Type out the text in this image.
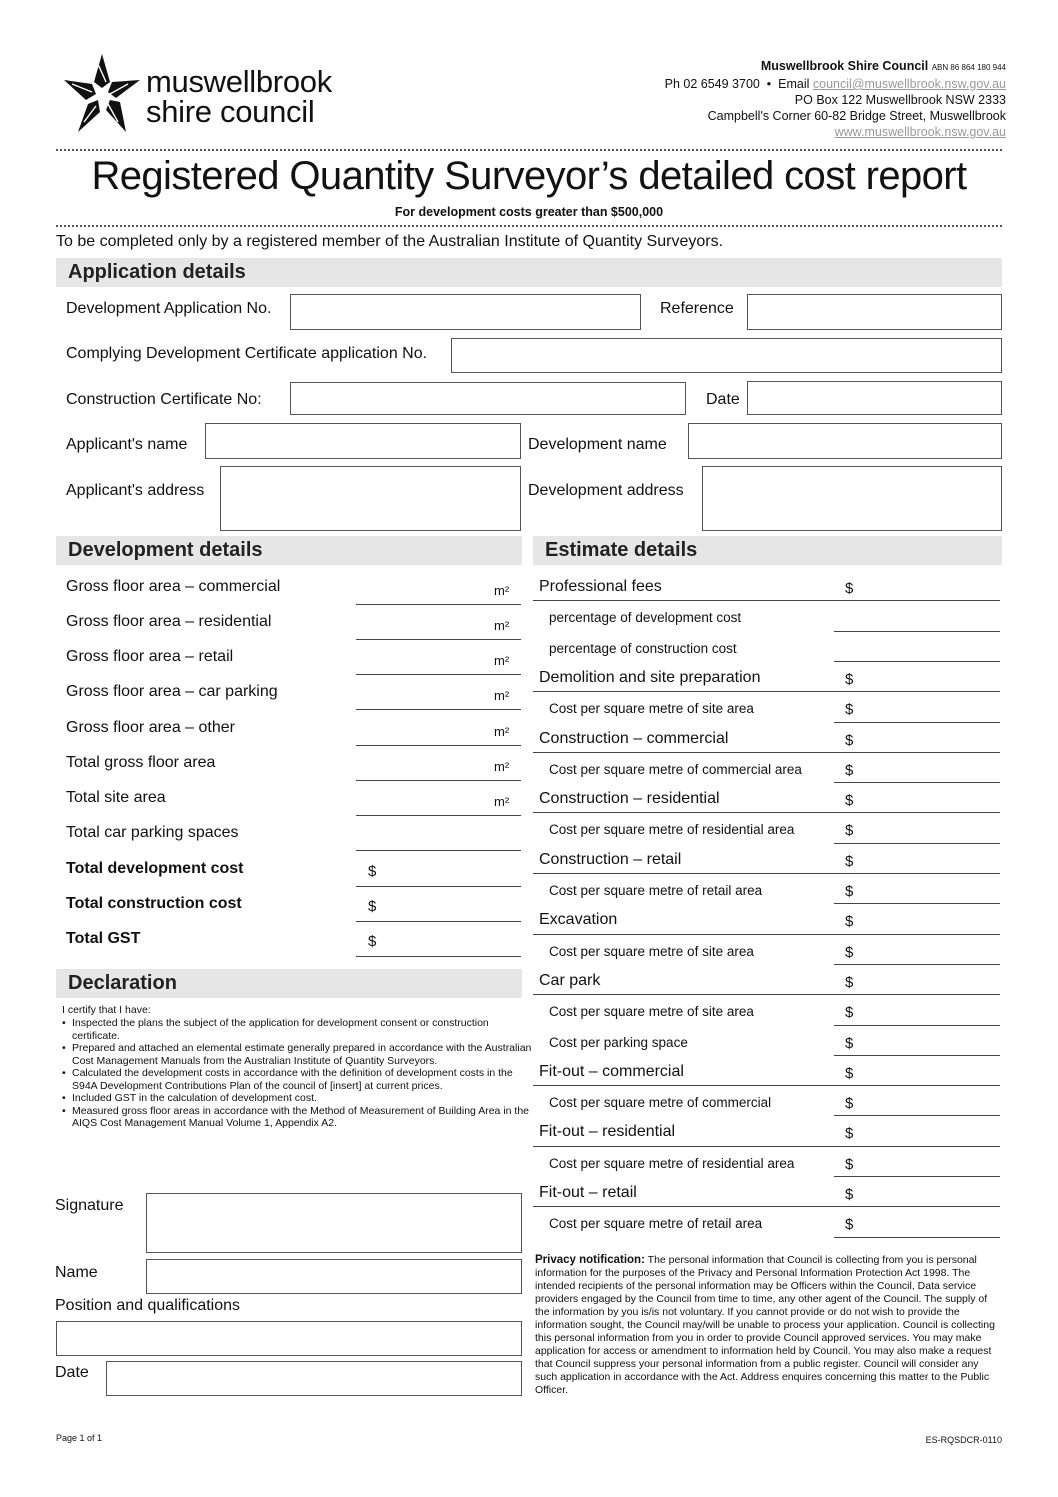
muswellbrook
shire council
Muswellbrook Shire Council ABN 86 864 180 944
Ph 02 6549 3700  •  Email council@muswellbrook.nsw.gov.au
PO Box 122 Muswellbrook NSW 2333
Campbell's Corner 60-82 Bridge Street, Muswellbrook
www.muswellbrook.nsw.gov.au
Registered Quantity Surveyor’s detailed cost report
For development costs greater than $500,000
To be completed only by a registered member of the Australian Institute of Quantity Surveyors.
Application details
Development Application No.	Reference
Complying Development Certificate application No.
Construction Certificate No:	Date
Applicant's name	Development name
Applicant's address	Development address
Development details
Gross floor area – commercial	m²
Gross floor area – residential	m²
Gross floor area – retail	m²
Gross floor area – car parking	m²
Gross floor area – other	m²
Total gross floor area	m²
Total site area	m²
Total car parking spaces
Total development cost	$
Total construction cost	$
Total GST	$
Estimate details
Professional fees	$
percentage of development cost
percentage of construction cost
Demolition and site preparation	$
Cost per square metre of site area	$
Construction – commercial	$
Cost per square metre of commercial area	$
Construction – residential	$
Cost per square metre of residential area	$
Construction – retail	$
Cost per square metre of retail area	$
Excavation	$
Cost per square metre of site area	$
Car park	$
Cost per square metre of site area	$
Cost per parking space	$
Fit-out – commercial	$
Cost per square metre of commercial	$
Fit-out – residential	$
Cost per square metre of residential area	$
Fit-out – retail	$
Cost per square metre of retail area	$
Declaration
I certify that I have:
• Inspected the plans the subject of the application for development consent or construction certificate.
• Prepared and attached an elemental estimate generally prepared in accordance with the Australian Cost Management Manuals from the Australian Institute of Quantity Surveyors.
• Calculated the development costs in accordance with the definition of development costs in the S94A Development Contributions Plan of the council of [insert] at current prices.
• Included GST in the calculation of development cost.
• Measured gross floor areas in accordance with the Method of Measurement of Building Area in the AIQS Cost Management Manual Volume 1, Appendix A2.
Signature
Name
Position and qualifications
Date
Privacy notification: The personal information that Council is collecting from you is personal information for the purposes of the Privacy and Personal Information Protection Act 1998. The intended recipients of the personal information may be Officers within the Council, Data service providers engaged by the Council from time to time, any other agent of the Council. The supply of the information by you is/is not voluntary. If you cannot provide or do not wish to provide the information sought, the Council may/will be unable to process your application. Council is collecting this personal information from you in order to provide Council approved services. You may make application for access or amendment to information held by Council. You may also make a request that Council suppress your personal information from a public register. Council will consider any such application in accordance with the Act. Address enquires concerning this matter to the Public Officer.
Page 1 of 1	ES-RQSDCR-0110
